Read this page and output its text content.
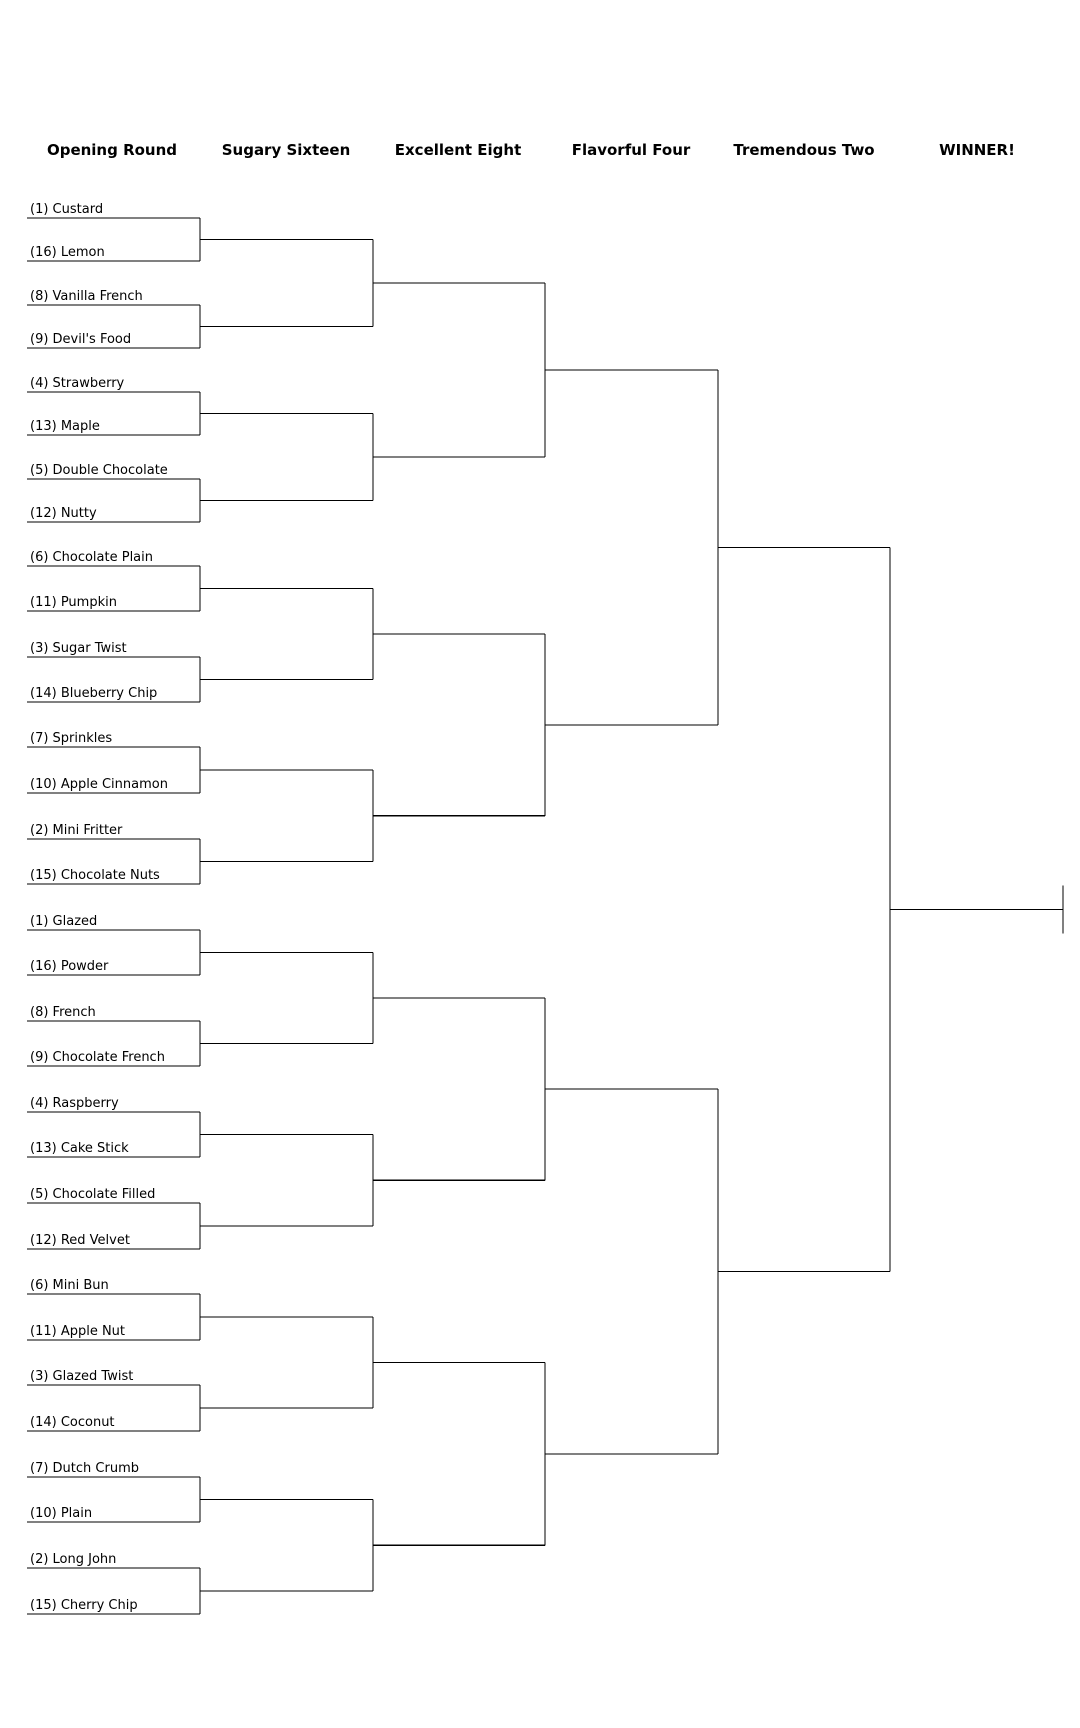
Opening Round	Sugary Sixteen	Excellent Eight	Flavorful Four	Tremendous Two	WINNER!
(1) Custard
(16) Lemon
(8) Vanilla French
(9) Devil's Food
(4) Strawberry
(13) Maple
(5) Double Chocolate
(12) Nutty
(6) Chocolate Plain
(11) Pumpkin
(3) Sugar Twist
(14) Blueberry Chip
(7) Sprinkles
(10) Apple Cinnamon
(2) Mini Fritter
(15) Chocolate Nuts
(1) Glazed
(16) Powder
(8) French
(9) Chocolate French
(4) Raspberry
(13) Cake Stick
(5) Chocolate Filled
(12) Red Velvet
(6) Mini Bun
(11) Apple Nut
(3) Glazed Twist
(14) Coconut
(7) Dutch Crumb
(10) Plain
(2) Long John
(15) Cherry Chip
